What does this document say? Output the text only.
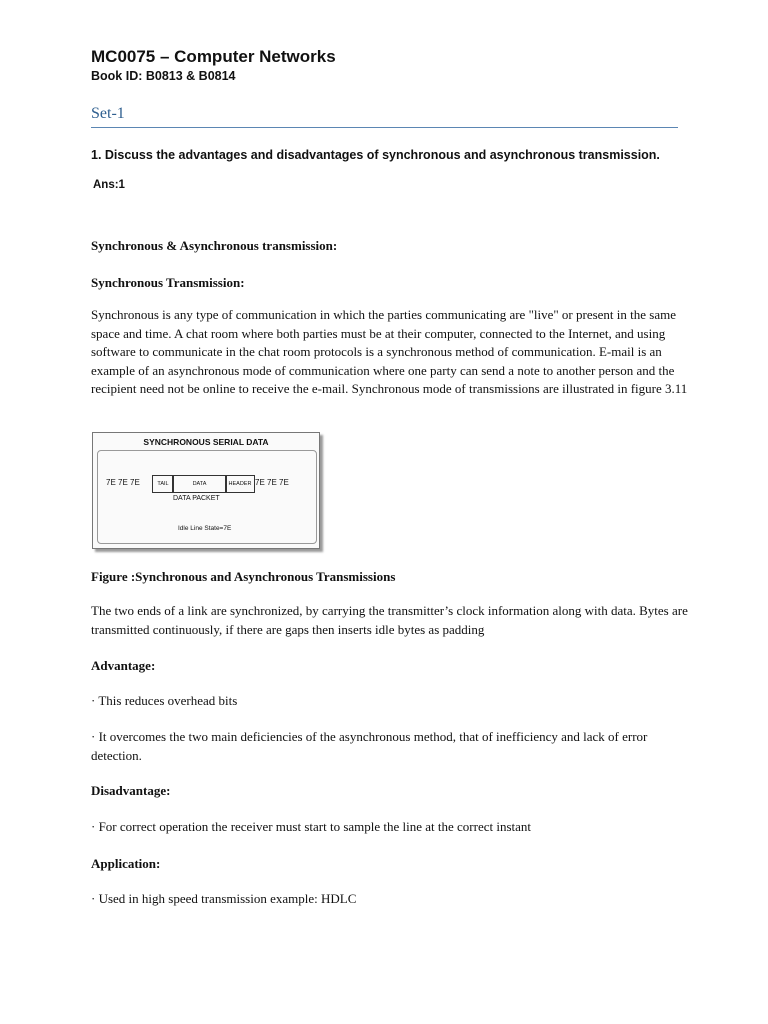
MC0075 – Computer Networks
Book ID: B0813 & B0814
Set-1
1. Discuss the advantages and disadvantages of synchronous and asynchronous transmission.
Ans:1
Synchronous & Asynchronous transmission:
Synchronous Transmission:
Synchronous is any type of communication in which the parties communicating are "live" or present in the same space and time. A chat room where both parties must be at their computer, connected to the Internet, and using software to communicate in the chat room protocols is a synchronous method of communication. E-mail is an example of an asynchronous mode of communication where one party can send a note to another person and the recipient need not be online to receive the e-mail. Synchronous mode of transmissions are illustrated in figure 3.11
SYNCHRONOUS SERIAL DATA
7E 7E 7E	TAIL	DATA	HEADER 7E 7E 7E
DATA PACKET
Idle Line State=7E
Figure :Synchronous and Asynchronous Transmissions
The two ends of a link are synchronized, by carrying the transmitter’s clock information along with data. Bytes are transmitted continuously, if there are gaps then inserts idle bytes as padding
Advantage:
· This reduces overhead bits
· It overcomes the two main deficiencies of the asynchronous method, that of inefficiency and lack of error detection.
Disadvantage:
· For correct operation the receiver must start to sample the line at the correct instant
Application:
· Used in high speed transmission example: HDLC
